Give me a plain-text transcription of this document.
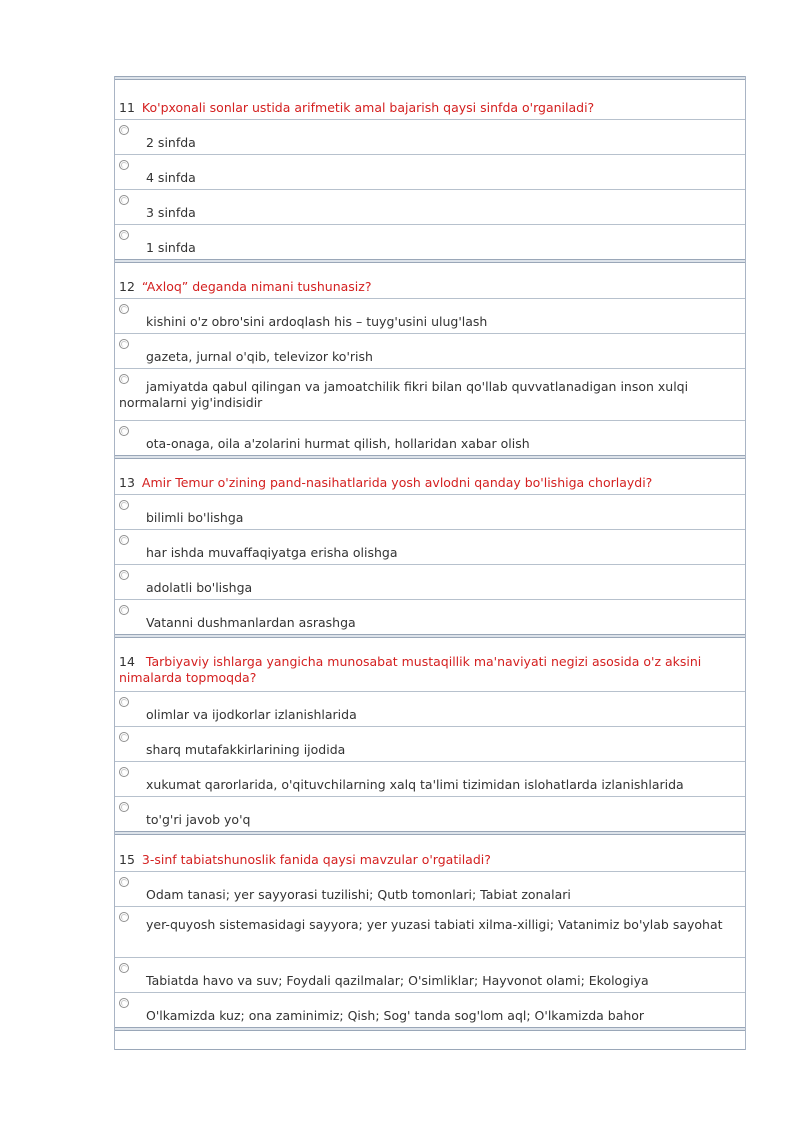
11 Ko'pxonali sonlar ustida arifmetik amal bajarish qaysi sinfda o'rganiladi?
2 sinfda
4 sinfda
3 sinfda
1 sinfda
12 “Axloq” deganda nimani tushunasiz?
kishini o'z obro'sini ardoqlash his – tuyg'usini ulug'lash
gazeta, jurnal o'qib, televizor ko'rish
jamiyatda qabul qilingan va jamoatchilik fikri bilan qo'llab quvvatlanadigan inson xulqi normalarni yig'indisidir
ota-onaga, oila a'zolarini hurmat qilish, hollaridan xabar olish
13 Amir Temur o'zining pand-nasihatlarida yosh avlodni qanday bo'lishiga chorlaydi?
bilimli bo'lishga
har ishda muvaffaqiyatga erisha olishga
adolatli bo'lishga
Vatanni dushmanlardan asrashga
14 Tarbiyaviy ishlarga yangicha munosabat mustaqillik ma'naviyati negizi asosida o'z aksini nimalarda topmoqda?
olimlar va ijodkorlar izlanishlarida
sharq mutafakkirlarining ijodida
xukumat qarorlarida, o'qituvchilarning xalq ta'limi tizimidan islohatlarda izlanishlarida
to'g'ri javob yo'q
15 3-sinf tabiatshunoslik fanida qaysi mavzular o'rgatiladi?
Odam tanasi; yer sayyorasi tuzilishi; Qutb tomonlari; Tabiat zonalari
yer-quyosh sistemasidagi sayyora; yer yuzasi tabiati xilma-xilligi; Vatanimiz bo'ylab sayohat
Tabiatda havo va suv; Foydali qazilmalar; O'simliklar; Hayvonot olami; Ekologiya
O'lkamizda kuz; ona zaminimiz; Qish; Sog' tanda sog'lom aql; O'lkamizda bahor
